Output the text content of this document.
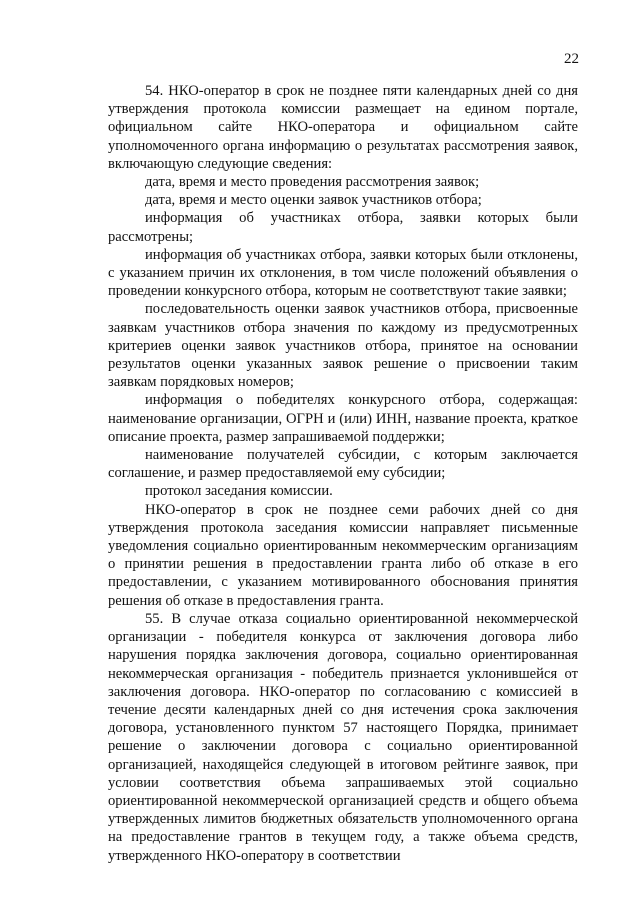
22

54. НКО-оператор в срок не позднее пяти календарных дней со дня утверждения протокола комиссии размещает на едином портале, официальном сайте НКО-оператора и официальном сайте уполномоченного органа информацию о результатах рассмотрения заявок, включающую следующие сведения:

дата, время и место проведения рассмотрения заявок;

дата, время и место оценки заявок участников отбора;

информация об участниках отбора, заявки которых были рассмотрены;

информация об участниках отбора, заявки которых были отклонены, с указанием причин их отклонения, в том числе положений объявления о проведении конкурсного отбора, которым не соответствуют такие заявки;

последовательность оценки заявок участников отбора, присвоенные заявкам участников отбора значения по каждому из предусмотренных критериев оценки заявок участников отбора, принятое на основании результатов оценки указанных заявок решение о присвоении таким заявкам порядковых номеров;

информация о победителях конкурсного отбора, содержащая: наименование организации, ОГРН и (или) ИНН, название проекта, краткое описание проекта, размер запрашиваемой поддержки;

наименование получателей субсидии, с которым заключается соглашение, и размер предоставляемой ему субсидии;

протокол заседания комиссии.

НКО-оператор в срок не позднее семи рабочих дней со дня утверждения протокола заседания комиссии направляет письменные уведомления социально ориентированным некоммерческим организациям о принятии решения в предоставлении гранта либо об отказе в его предоставлении, с указанием мотивированного обоснования принятия решения об отказе в предоставления гранта.

55. В случае отказа социально ориентированной некоммерческой организации - победителя конкурса от заключения договора либо нарушения порядка заключения договора, социально ориентированная некоммерческая организация - победитель признается уклонившейся от заключения договора. НКО-оператор по согласованию с комиссией в течение десяти календарных дней со дня истечения срока заключения договора, установленного пунктом 57 настоящего Порядка, принимает решение о заключении договора с социально ориентированной организацией, находящейся следующей в итоговом рейтинге заявок, при условии соответствия объема запрашиваемых этой социально ориентированной некоммерческой организацией средств и общего объема утвержденных лимитов бюджетных обязательств уполномоченного органа на предоставление грантов в текущем году, а также объема средств, утвержденного НКО-оператору в соответствии
